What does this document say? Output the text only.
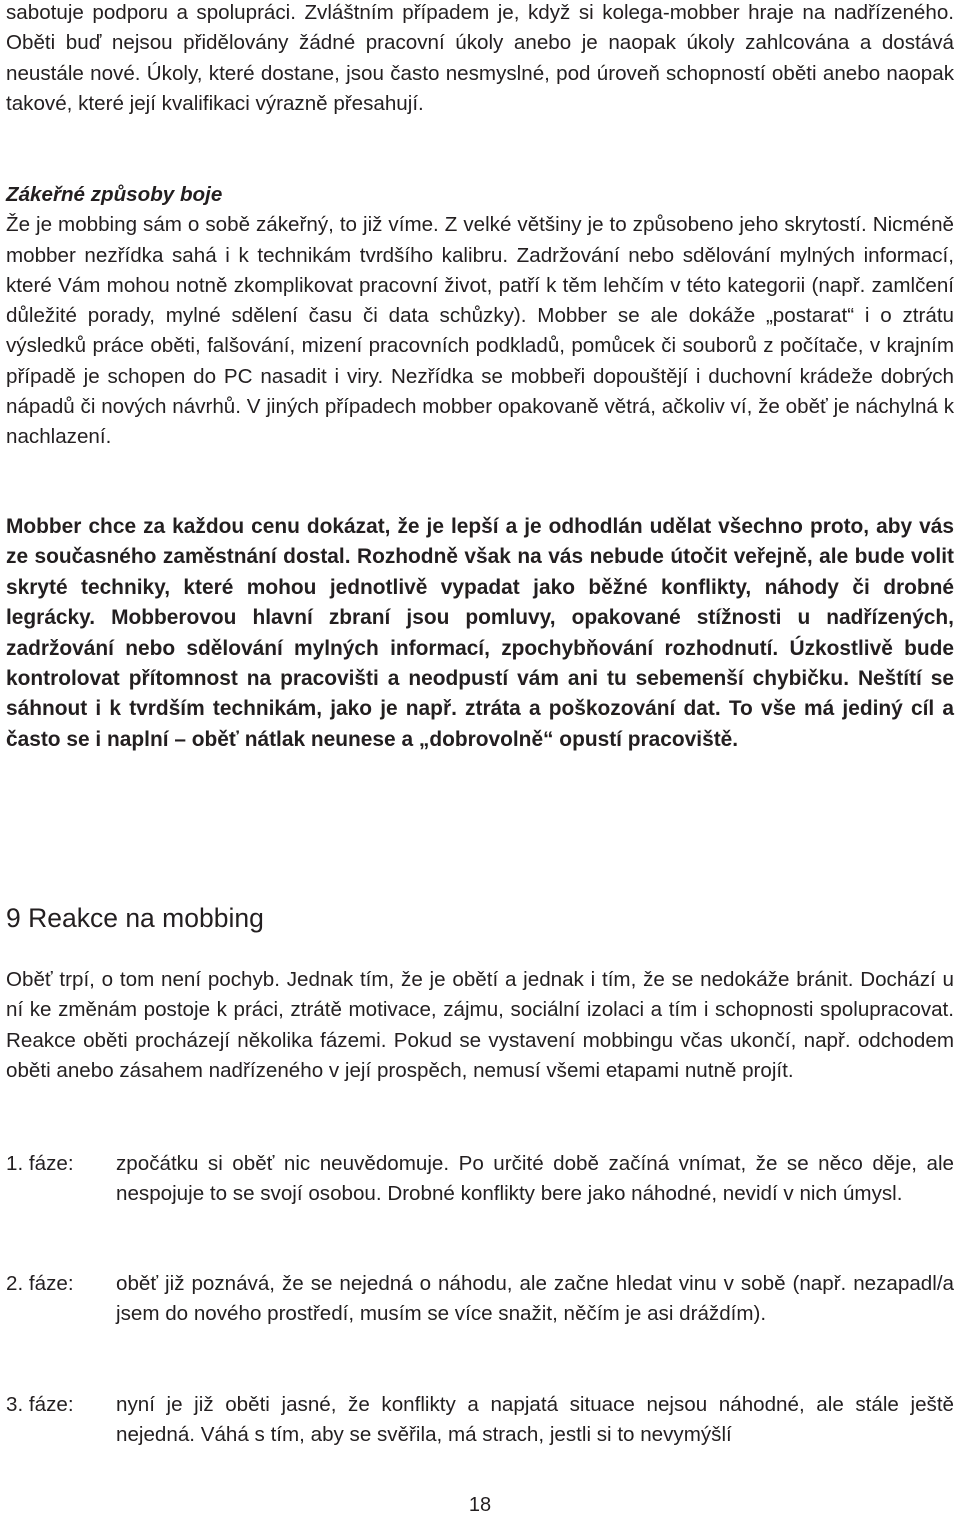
sabotuje podporu a spolupráci. Zvláštním případem je, když si kolega-mobber hraje na nadřízeného. Oběti buď nejsou přidělovány žádné pracovní úkoly anebo je naopak úkoly zahlcována a dostává neustále nové. Úkoly, které dostane, jsou často nesmyslné, pod úroveň schopností oběti anebo naopak takové, které její kvalifikaci výrazně přesahují.

Zákeřné způsoby boje

Že je mobbing sám o sobě zákeřný, to již víme. Z velké většiny je to způsobeno jeho skrytostí. Nicméně mobber nezřídka sahá i k technikám tvrdšího kalibru. Zadržování nebo sdělování mylných informací, které Vám mohou notně zkomplikovat pracovní život, patří k těm lehčím v této kategorii (např. zamlčení důležité porady, mylné sdělení času či data schůzky). Mobber se ale dokáže „postarat“ i o ztrátu výsledků práce oběti, falšování, mizení pracovních podkladů, pomůcek či souborů z počítače, v krajním případě je schopen do PC nasadit i viry. Nezřídka se mobbeři dopouštějí i duchovní krádeže dobrých nápadů či nových návrhů. V jiných případech mobber opakovaně větrá, ačkoliv ví, že oběť je náchylná k nachlazení.

Mobber chce za každou cenu dokázat, že je lepší a je odhodlán udělat všechno proto, aby vás ze současného zaměstnání dostal. Rozhodně však na vás nebude útočit veřejně, ale bude volit skryté techniky, které mohou jednotlivě vypadat jako běžné konflikty, náhody či drobné legrácky. Mobberovou hlavní zbraní jsou pomluvy, opakované stížnosti u nadřízených, zadržování nebo sdělování mylných informací, zpochybňování rozhodnutí. Úzkostlivě bude kontrolovat přítomnost na pracovišti a neodpustí vám ani tu sebemenší chybičku. Neštítí se sáhnout i k tvrdším technikám, jako je např. ztráta a poškozování dat. To vše má jediný cíl a často se i naplní – oběť nátlak neunese a „dobrovolně“ opustí pracoviště.

9 Reakce na mobbing

Oběť trpí, o tom není pochyb. Jednak tím, že je obětí a jednak i tím, že se nedokáže bránit. Dochází u ní ke změnám postoje k práci, ztrátě motivace, zájmu, sociální izolaci a tím i schopnosti spolupracovat. Reakce oběti procházejí několika fázemi. Pokud se vystavení mobbingu včas ukončí, např. odchodem oběti anebo zásahem nadřízeného v její prospěch, nemusí všemi etapami nutně projít.

1. fáze:	zpočátku si oběť nic neuvědomuje. Po určité době začíná vnímat, že se něco děje, ale nespojuje to se svojí osobou. Drobné konflikty bere jako náhodné, nevidí v nich úmysl.

2. fáze:	oběť již poznává, že se nejedná o náhodu, ale začne hledat vinu v sobě (např. nezapadl/a jsem do nového prostředí, musím se více snažit, něčím je asi dráždím).

3. fáze:	nyní je již oběti jasné, že konflikty a napjatá situace nejsou náhodné, ale stále ještě nejedná. Váhá s tím, aby se svěřila, má strach, jestli si to nevymýšlí

18
